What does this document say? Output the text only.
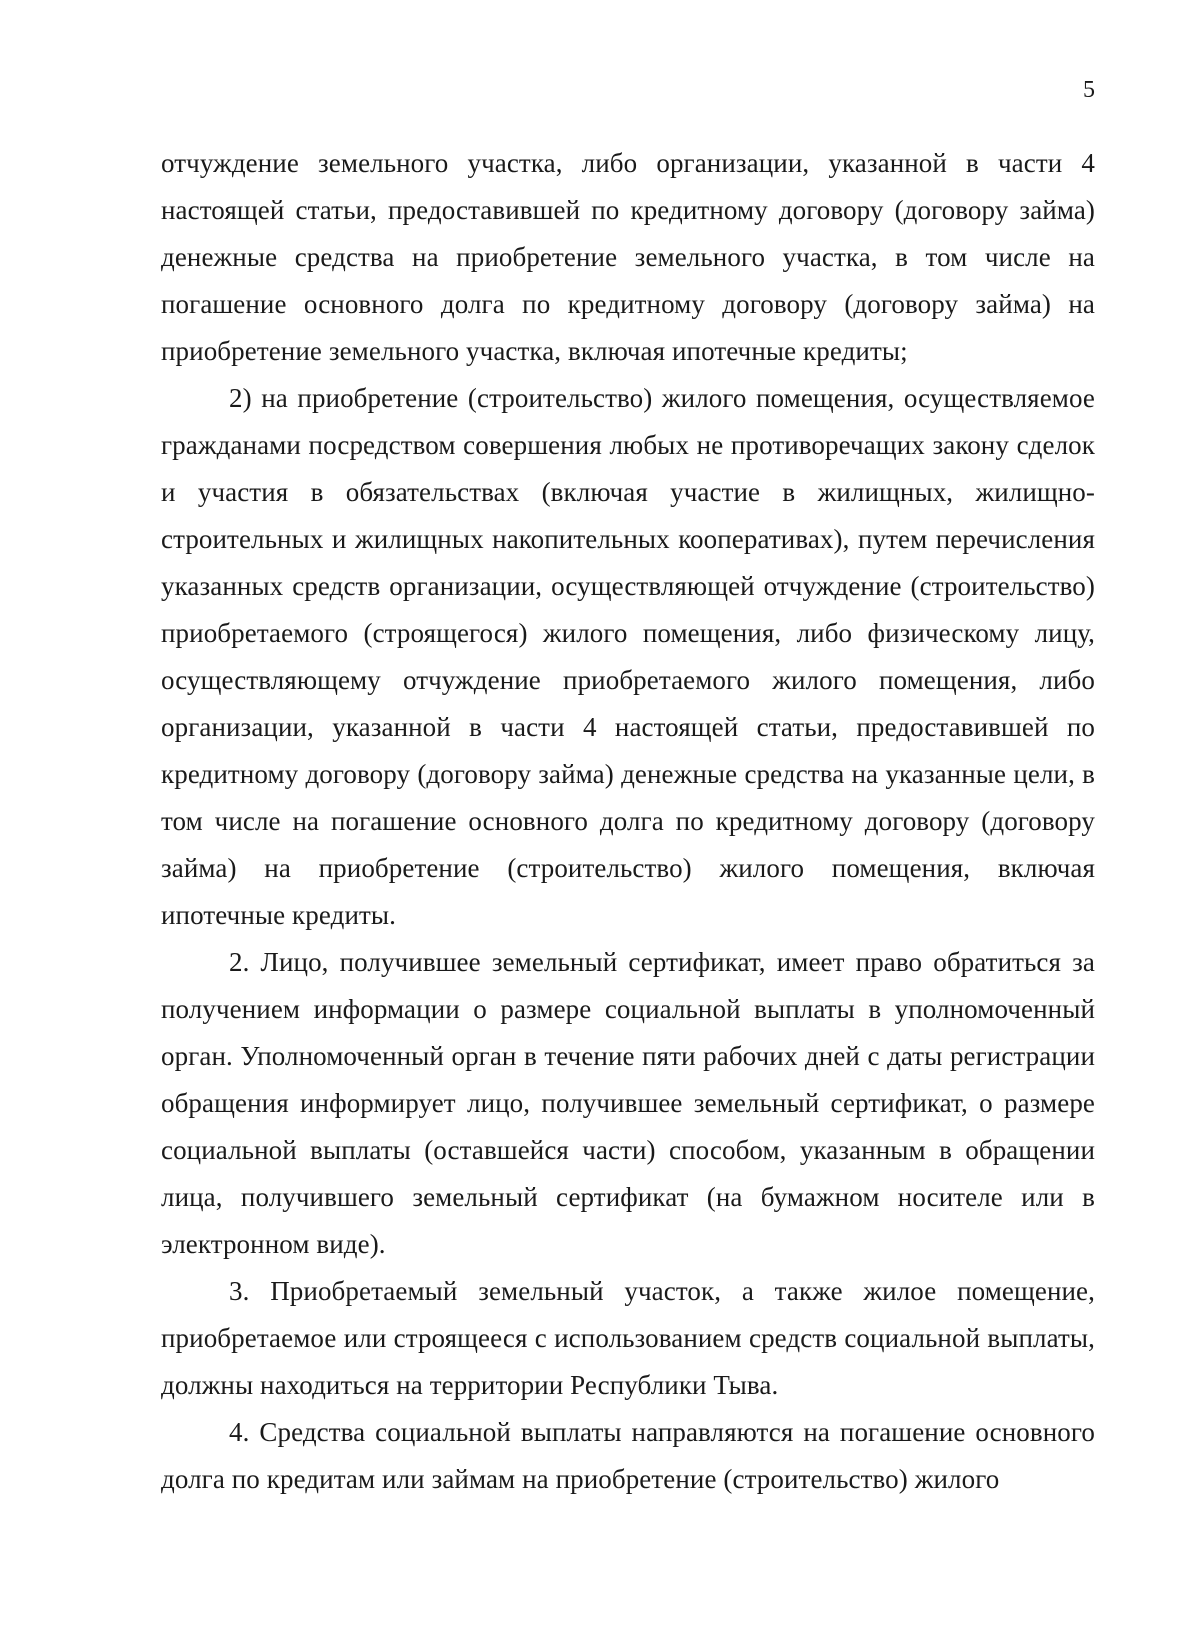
5

отчуждение земельного участка, либо организации, указанной в части 4 настоящей статьи, предоставившей по кредитному договору (договору займа) денежные средства на приобретение земельного участка, в том числе на погашение основного долга по кредитному договору (договору займа) на приобретение земельного участка, включая ипотечные кредиты;

2) на приобретение (строительство) жилого помещения, осуществляемое гражданами посредством совершения любых не противоречащих закону сделок и участия в обязательствах (включая участие в жилищных, жилищно-строительных и жилищных накопительных кооперативах), путем перечисления указанных средств организации, осуществляющей отчуждение (строительство) приобретаемого (строящегося) жилого помещения, либо физическому лицу, осуществляющему отчуждение приобретаемого жилого помещения, либо организации, указанной в части 4 настоящей статьи, предоставившей по кредитному договору (договору займа) денежные средства на указанные цели, в том числе на погашение основного долга по кредитному договору (договору займа) на приобретение (строительство) жилого помещения, включая ипотечные кредиты.

2. Лицо, получившее земельный сертификат, имеет право обратиться за получением информации о размере социальной выплаты в уполномоченный орган. Уполномоченный орган в течение пяти рабочих дней с даты регистрации обращения информирует лицо, получившее земельный сертификат, о размере социальной выплаты (оставшейся части) способом, указанным в обращении лица, получившего земельный сертификат (на бумажном носителе или в электронном виде).

3. Приобретаемый земельный участок, а также жилое помещение, приобретаемое или строящееся с использованием средств социальной выплаты, должны находиться на территории Республики Тыва.

4. Средства социальной выплаты направляются на погашение основного долга по кредитам или займам на приобретение (строительство) жилого
